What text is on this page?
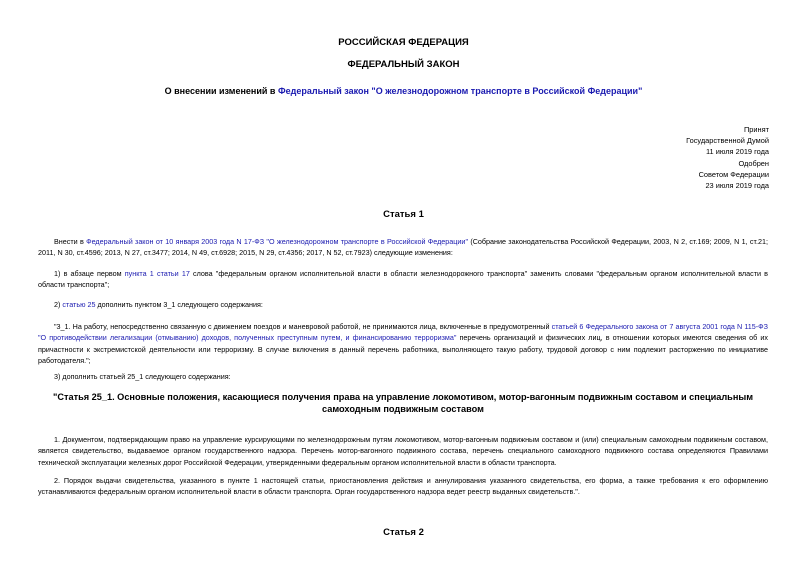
РОССИЙСКАЯ ФЕДЕРАЦИЯ
ФЕДЕРАЛЬНЫЙ ЗАКОН
О внесении изменений в Федеральный закон "О железнодорожном транспорте в Российской Федерации"
Принят
Государственной Думой
11 июля 2019 года
Одобрен
Советом Федерации
23 июля 2019 года
Статья 1
Внести в Федеральный закон от 10 января 2003 года N 17-ФЗ "О железнодорожном транспорте в Российской Федерации" (Собрание законодательства Российской Федерации, 2003, N 2, ст.169; 2009, N 1, ст.21; 2011, N 30, ст.4596; 2013, N 27, ст.3477; 2014, N 49, ст.6928; 2015, N 29, ст.4356; 2017, N 52, ст.7923) следующие изменения:
1) в абзаце первом пункта 1 статьи 17 слова "федеральным органом исполнительной власти в области железнодорожного транспорта" заменить словами "федеральным органом исполнительной власти в области транспорта";
2) статью 25 дополнить пунктом 3_1 следующего содержания:
"3_1. На работу, непосредственно связанную с движением поездов и маневровой работой, не принимаются лица, включенные в предусмотренный статьей 6 Федерального закона от 7 августа 2001 года N 115-ФЗ "О противодействии легализации (отмыванию) доходов, полученных преступным путем, и финансированию терроризма" перечень организаций и физических лиц, в отношении которых имеются сведения об их причастности к экстремистской деятельности или терроризму. В случае включения в данный перечень работника, выполняющего такую работу, трудовой договор с ним подлежит расторжению по инициативе работодателя.";
3) дополнить статьей 25_1 следующего содержания:
"Статья 25_1. Основные положения, касающиеся получения права на управление локомотивом, мотор-вагонным подвижным составом и специальным самоходным подвижным составом
1. Документом, подтверждающим право на управление курсирующими по железнодорожным путям локомотивом, мотор-вагонным подвижным составом и (или) специальным самоходным подвижным составом, является свидетельство, выдаваемое органом государственного надзора. Перечень мотор-вагонного подвижного состава, перечень специального самоходного подвижного состава определяются Правилами технической эксплуатации железных дорог Российской Федерации, утвержденными федеральным органом исполнительной власти в области транспорта.
2. Порядок выдачи свидетельства, указанного в пункте 1 настоящей статьи, приостановления действия и аннулирования указанного свидетельства, его форма, а также требования к его оформлению устанавливаются федеральным органом исполнительной власти в области транспорта. Орган государственного надзора ведет реестр выданных свидетельств.".
Статья 2
